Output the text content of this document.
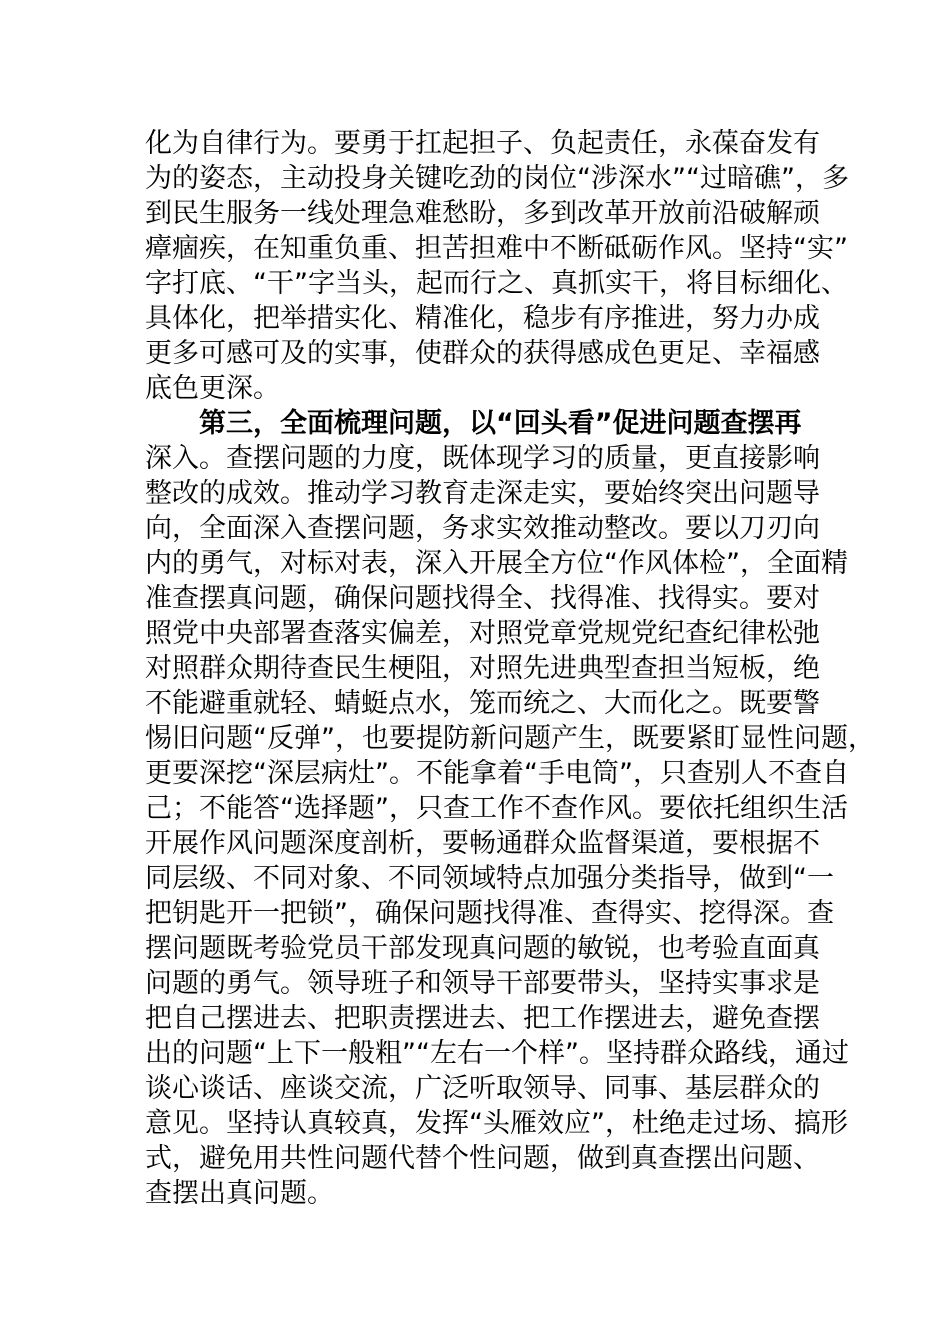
化为自律行为。要勇于扛起担子、负起责任，永葆奋发有
为的姿态，主动投身关键吃劲的岗位“涉深水”“过暗礁”，多
到民生服务一线处理急难愁盼，多到改革开放前沿破解顽
瘴痼疾，在知重负重、担苦担难中不断砥砺作风。坚持“实”
字打底、“干”字当头，起而行之、真抓实干，将目标细化、
具体化，把举措实化、精准化，稳步有序推进，努力办成
更多可感可及的实事，使群众的获得感成色更足、幸福感
底色更深。
第三，全面梳理问题，以“回头看”促进问题查摆再
深入。查摆问题的力度，既体现学习的质量，更直接影响
整改的成效。推动学习教育走深走实，要始终突出问题导
向，全面深入查摆问题，务求实效推动整改。要以刀刃向
内的勇气，对标对表，深入开展全方位“作风体检”，全面精
准查摆真问题，确保问题找得全、找得准、找得实。要对
照党中央部署查落实偏差，对照党章党规党纪查纪律松弛
对照群众期待查民生梗阻，对照先进典型查担当短板，绝
不能避重就轻、蜻蜓点水，笼而统之、大而化之。既要警
惕旧问题“反弹”，也要提防新问题产生，既要紧盯显性问题，
更要深挖“深层病灶”。不能拿着“手电筒”，只查别人不查自
己；不能答“选择题”，只查工作不查作风。要依托组织生活
开展作风问题深度剖析，要畅通群众监督渠道，要根据不
同层级、不同对象、不同领域特点加强分类指导，做到“一
把钥匙开一把锁”，确保问题找得准、查得实、挖得深。查
摆问题既考验党员干部发现真问题的敏锐，也考验直面真
问题的勇气。领导班子和领导干部要带头，坚持实事求是
把自己摆进去、把职责摆进去、把工作摆进去，避免查摆
出的问题“上下一般粗”“左右一个样”。坚持群众路线，通过
谈心谈话、座谈交流，广泛听取领导、同事、基层群众的
意见。坚持认真较真，发挥“头雁效应”，杜绝走过场、搞形
式，避免用共性问题代替个性问题，做到真查摆出问题、
查摆出真问题。
